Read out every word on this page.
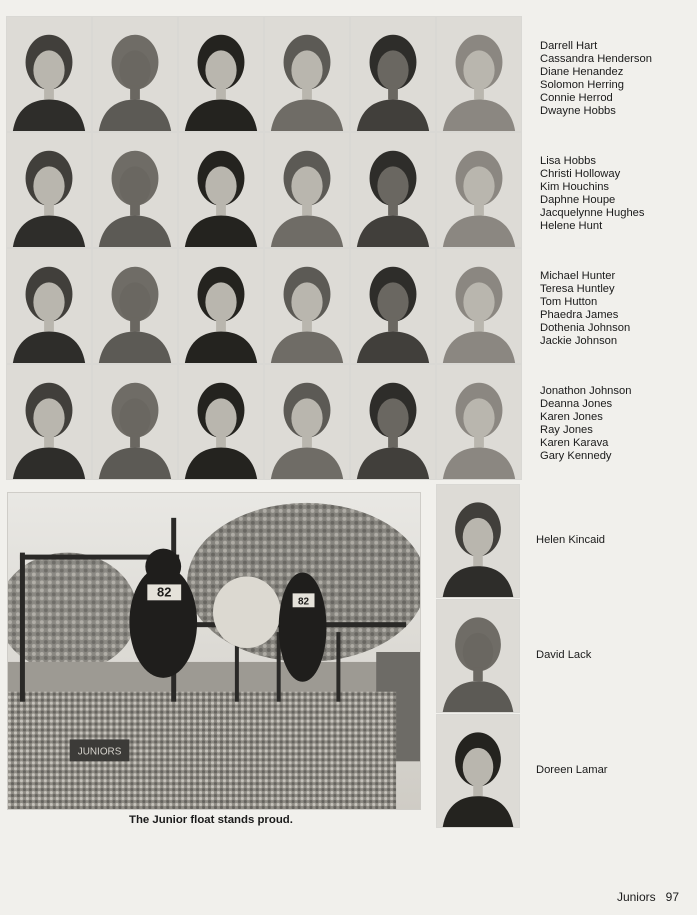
Darrell Hart
Cassandra Henderson
Diane Henandez
Solomon Herring
Connie Herrod
Dwayne Hobbs
Lisa Hobbs
Christi Holloway
Kim Houchins
Daphne Houpe
Jacquelynne Hughes
Helene Hunt
Michael Hunter
Teresa Huntley
Tom Hutton
Phaedra James
Dothenia Johnson
Jackie Johnson
Jonathon Johnson
Deanna Jones
Karen Jones
Ray Jones
Karen Karava
Gary Kennedy
Helen Kincaid
David Lack
Doreen Lamar
JUNIORS
82
82
The Junior float stands proud.
Juniors 97
